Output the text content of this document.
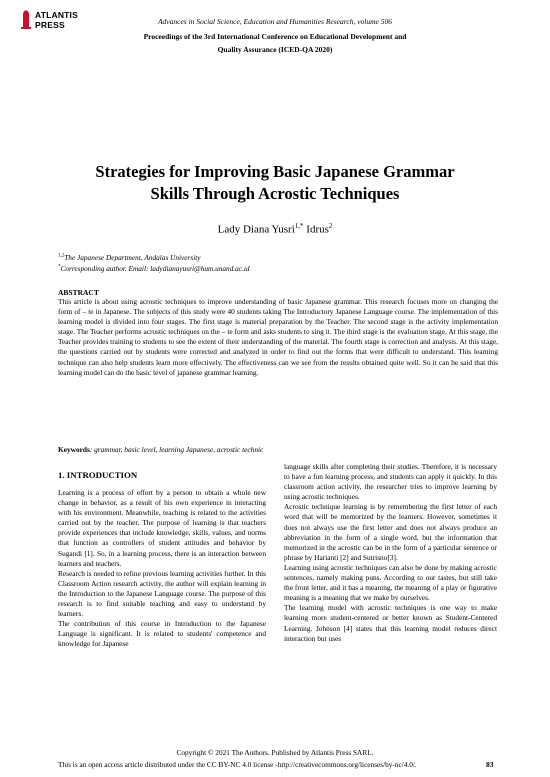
ATLANTIS
PRESS	Advances in Social Science, Education and Humanities Research, volume 506
Proceedings of the 3rd International Conference on Educational Development and
Quality Assurance (ICED-QA 2020)
Strategies for Improving Basic Japanese Grammar
Skills Through Acrostic Techniques
Lady Diana Yusri$^{1,*}$ Idrus$^2$
$^{1,2}$The Japanese Department, Andalas University
*Corresponding author. Email: ladydianayusri@hum.unand.ac.id
ABSTRACT
This article is about using acrostic techniques to improve understanding of basic Japanese grammar. This research focuses more on changing the form of – te in Japanese. The subjects of this study were 40 students taking The Introductory Japanese Language course. The implementation of this learning model is divided into four stages. The first stage is material preparation by the Teacher. The second stage is the activity implementation stage. The Teacher performs acrostic techniques on the – te form and asks students to sing it. The third stage is the evaluation stage. At this stage, the Teacher provides training to students to see the extent of their understanding of the material. The fourth stage is correction and analysis. At this stage, the questions carried out by students were corrected and analyzed in order to find out the forms that were difficult to understand. This learning technique can also help students learn more effectively. The effectiveness can we see from the results obtained quite well. So it can be said that this learning model can do the basic level of japanese grammar learning.
Keywords: grammar, basic level, learning Japanese, acrostic technic
1. INTRODUCTION

Learning is a process of effort by a person to obtain a whole new change in behavior, as a result of his own experience in interacting with his environment. Meanwhile, teaching is related to the activities carried out by the teacher. The purpose of learning is that teachers provide experiences that include knowledge, skills, values, and norms that function as controllers of student attitudes and behavior by Sugandi [1]. So, in a learning process, there is an interaction between learners and teachers.

Research is needed to refine previous learning activities further. In this Classroom Action research activity, the author will explain learning in the Introduction to the Japanese Language course. The purpose of this research is to find suitable teaching and easy to understand by learners.

The contribution of this course in Introduction to the Japanese Language is significant. It is related to students' competence and knowledge for Japanese

language skills after completing their studies. Therefore, it is necessary to have a fun learning process, and students can apply it quickly. In this classroom action activity, the researcher tries to improve learning by using acrostic techniques.

Acrostic technique learning is by remembering the first letter of each word that will be memorized by the learners. However, sometimes it does not always use the first letter and does not always produce an abbreviation in the form of a single word, but the information that memorized in the acrostic can be in the form of a particular sentence or phrase by Harianti [2] and Sutrisno[3].

Learning using acrostic techniques can also be done by making acrostic sentences, namely making puns. According to our tastes, but still take the front letter, and it has a meaning, the meaning of a play or figurative meaning is a meaning that we make by ourselves.

The learning model with acrostic techniques is one way to make learning more student-centered or better known as Student-Centered Learning. Johnson [4] states that this learning model reduces direct interaction but uses

Copyright © 2021 The Authors. Published by Atlantis Press SARL.
This is an open access article distributed under the CC BY-NC 4.0 license -http://creativecommons.org/licenses/by-nc/4.0/.	83
